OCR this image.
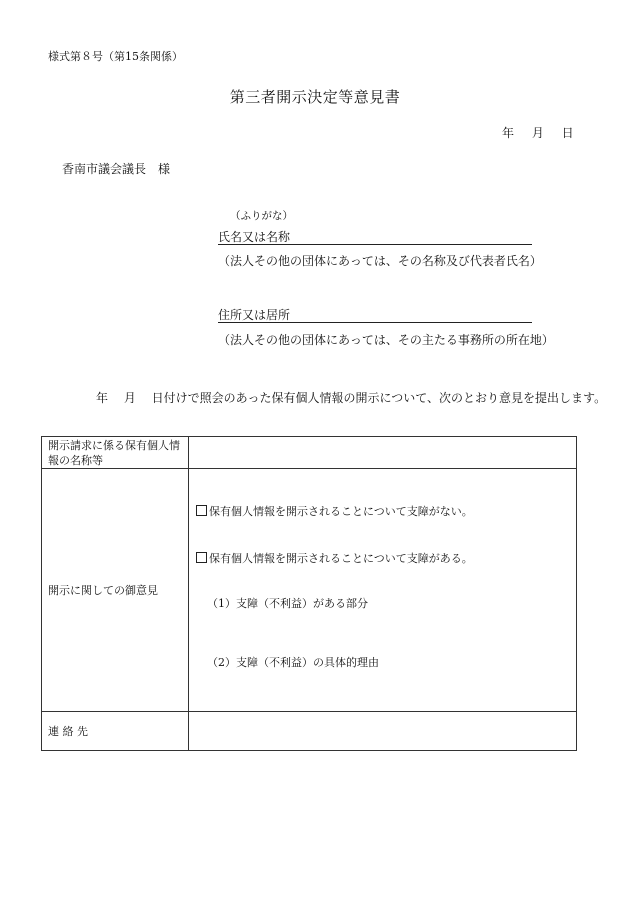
様式第８号（第15条関係）
第三者開示決定等意見書
年 月 日
香南市議会議長　様
（ふりがな）
氏名又は名称
（法人その他の団体にあっては、その名称及び代表者氏名）
住所又は居所
（法人その他の団体にあっては、その主たる事務所の所在地）
年　 月　 日付けで照会のあった保有個人情報の開示について、次のとおり意見を提出します。
開示請求に係る保有個人情報の名称等	
開示に関しての御意見	保有個人情報を開示されることについて支障がない。
保有個人情報を開示されることについて支障がある。
（1）支障（不利益）がある部分
（2）支障（不利益）の具体的理由

連 絡 先	
